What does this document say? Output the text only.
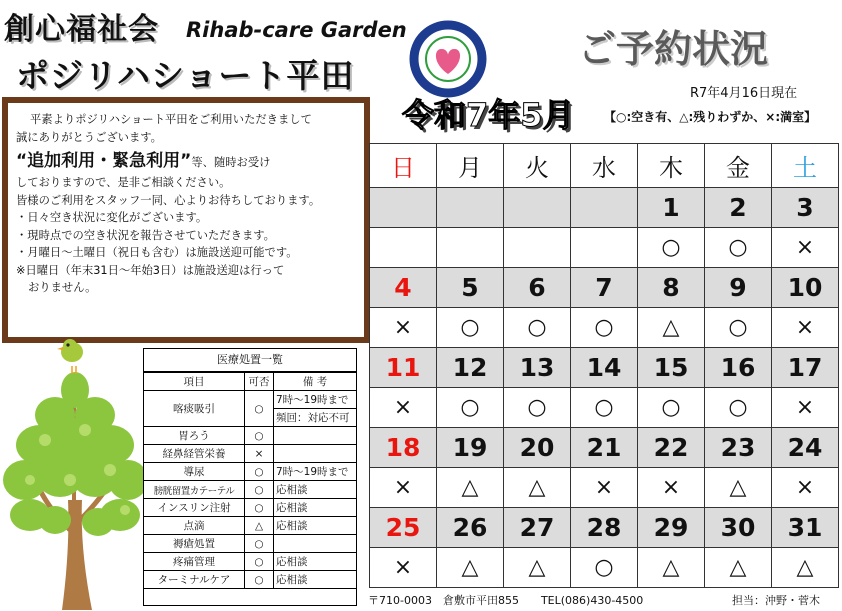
創心福祉会 Rihab-care Garden
ポジリハショート平田
ご予約状況
R7年4月16日現在
令和7年5月 【○:空き有、△:残りわずか、×:満室】

平素よりポジリハショート平田をご利用いただきまして

誠にありがとうございます。

“追加利用・緊急利用”等、随時お受け

しておりますので、是非ご相談ください。

皆様のご利用をスタッフ一同、心よりお待ちしております。

・日々空き状況に変化がございます。

・現時点での空き状況を報告させていただきます。

・月曜日～土曜日（祝日も含む）は施設送迎可能です。

※日曜日（年末31日～年始3日）は施設送迎は行って

おりません。

医療処置一覧
項目	可否	備 考
喀痰吸引	○	7時～19時まで
		頻回：対応不可
胃ろう	○	
経鼻経管栄養	×	
導尿	○	7時～19時まで
膀胱留置カテーテル	○	応相談
インスリン注射	○	応相談
点滴	△	応相談
褥瘡処置	○	
疼痛管理	○	応相談
ターミナルケア	○	応相談
日	月	火	水	木	金	土
				1	2	3
				○	○	×
4	5	6	7	8	9	10
×	○	○	○	△	○	×
11	12	13	14	15	16	17
×	○	○	○	○	○	×
18	19	20	21	22	23	24
×	△	△	×	×	△	×
25	26	27	28	29	30	31
×	△	△	○	△	△	△
〒710-0003　倉敷市平田855　　TEL(086)430-4500	担当：沖野・菅木
